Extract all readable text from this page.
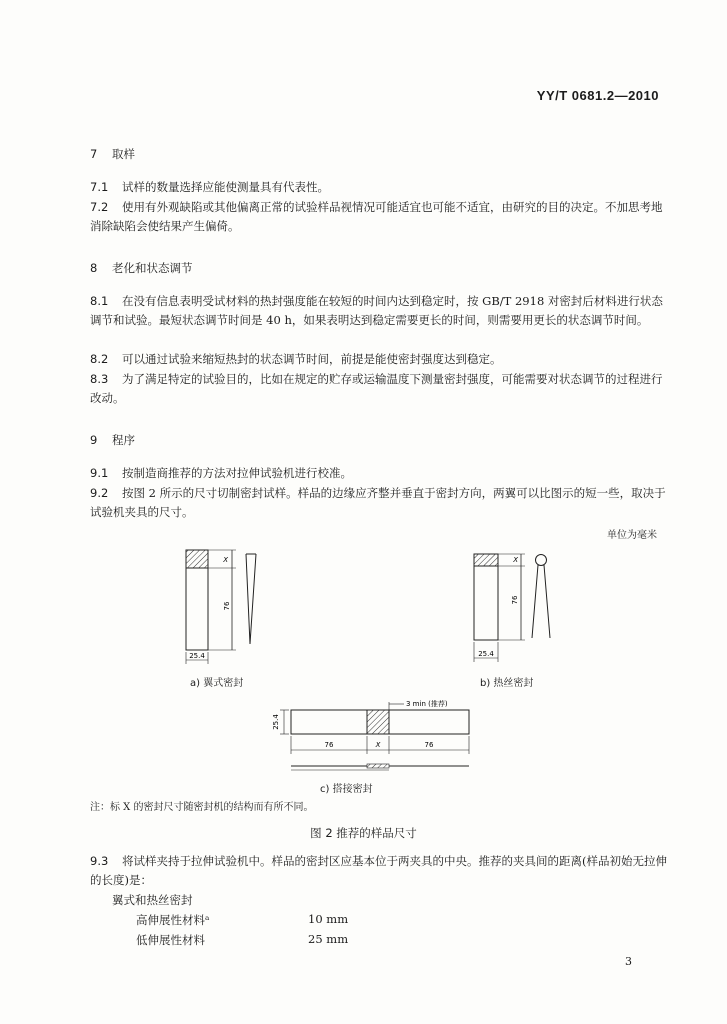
YY/T 0681.2—2010
7 取样
7.1 试样的数量选择应能使测量具有代表性。
7.2 使用有外观缺陷或其他偏离正常的试验样品视情况可能适宜也可能不适宜，由研究的目的决定。不加思考地消除缺陷会使结果产生偏倚。
8 老化和状态调节
8.1 在没有信息表明受试材料的热封强度能在较短的时间内达到稳定时，按 GB/T 2918 对密封后材料进行状态调节和试验。最短状态调节时间是 40 h，如果表明达到稳定需要更长的时间，则需要用更长的状态调节时间。
8.2 可以通过试验来缩短热封的状态调节时间，前提是能使密封强度达到稳定。
8.3 为了满足特定的试验目的，比如在规定的贮存或运输温度下测量密封强度，可能需要对状态调节的过程进行改动。
9 程序
9.1 按制造商推荐的方法对拉伸试验机进行校准。
9.2 按图 2 所示的尺寸切制密封试样。样品的边缘应齐整并垂直于密封方向，两翼可以比图示的短一些，取决于试验机夹具的尺寸。
单位为毫米
X
76
25.4
X
76
25.4
25.4
3 min (推荐)
76	X	76
a) 翼式密封	b) 热丝密封
c) 搭接密封
注：标 X 的密封尺寸随密封机的结构而有所不同。
图 2 推荐的样品尺寸
9.3 将试样夹持于拉伸试验机中。样品的密封区应基本位于两夹具的中央。推荐的夹具间的距离(样品初始无拉伸的长度)是：
翼式和热丝密封
高伸展性材料ᵃ	10 mm
低伸展性材料	25 mm
3
